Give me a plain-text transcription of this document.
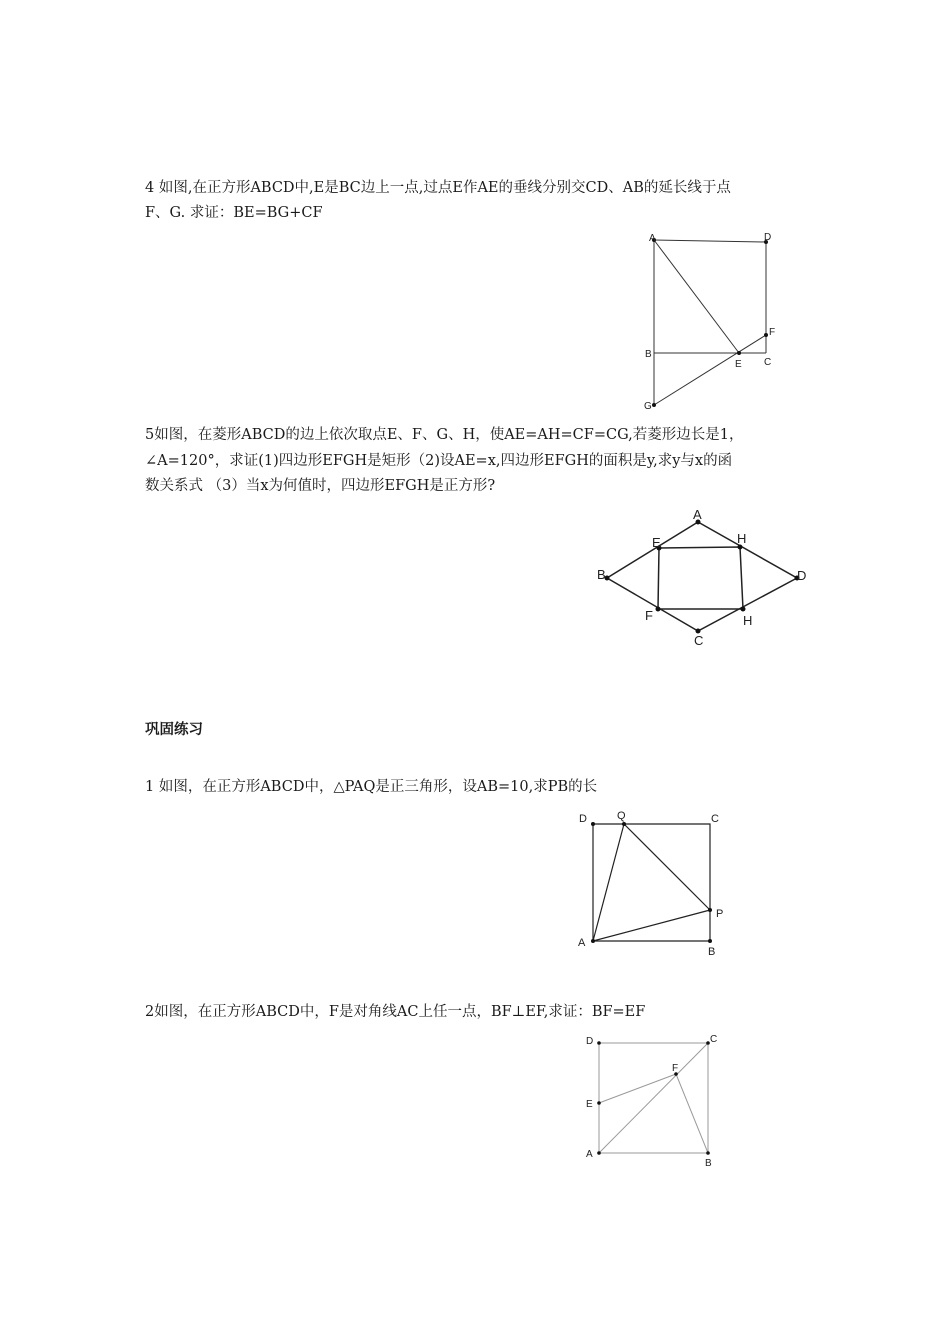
4 如图,在正方形ABCD中,E是BC边上一点,过点E作AE的垂线分别交CD、AB的延长线于点
F、G. 求证：BE=BG+CF
A	D
F
B
C
E
G
5如图，在菱形ABCD的边上依次取点E、F、G、H，使AE=AH=CF=CG,若菱形边长是1，
∠A=120°，求证(1)四边形EFGH是矩形（2)设AE=x,四边形EFGH的面积是y,求y与x的函
数关系式 （3）当x为何值时，四边形EFGH是正方形?
A
E	H
B	D
F	H
C
巩固练习
1 如图，在正方形ABCD中，△PAQ是正三角形，设AB=10,求PB的长
D	Q	C
P
A
B
2如图，在正方形ABCD中，F是对角线AC上任一点，BF⊥EF,求证：BF=EF
D	C
F
E
A
B
